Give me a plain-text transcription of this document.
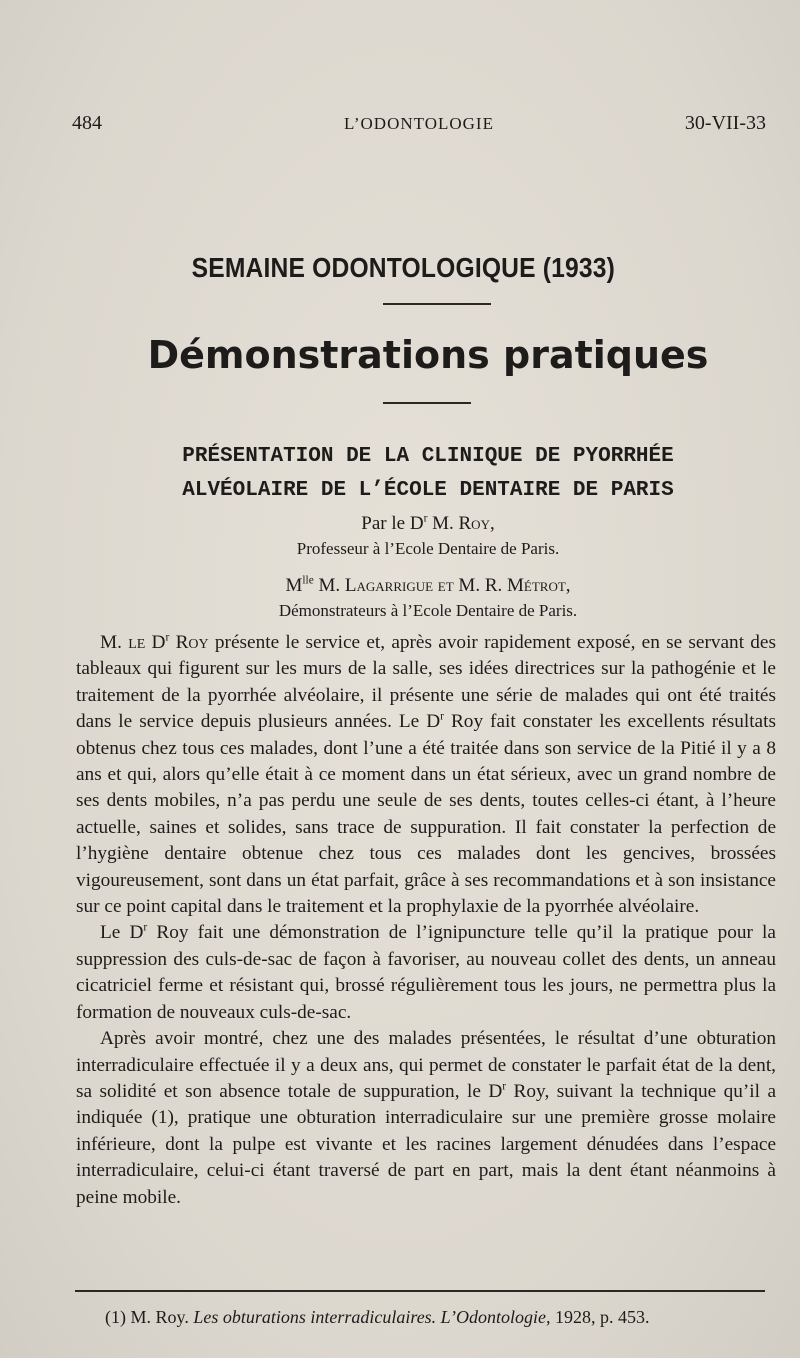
484	L’ODONTOLOGIE	30-VII-33
SEMAINE ODONTOLOGIQUE (1933)
Démonstrations pratiques
PRÉSENTATION DE LA CLINIQUE DE PYORRHÉE
ALVÉOLAIRE DE L’ÉCOLE DENTAIRE DE PARIS
Par le $D^r$ M. Roy,
Professeur à l’Ecole Dentaire de Paris.
$M^{lle}$ M. Lagarrigue et M. R. Métrot,
Démonstrateurs à l’Ecole Dentaire de Paris.

M. le $D^r$ Roy présente le service et, après avoir rapidement exposé, en se servant des tableaux qui figurent sur les murs de la salle, ses idées directrices sur la pathogénie et le traitement de la pyorrhée alvéolaire, il présente une série de malades qui ont été traités dans le service depuis plusieurs années. Le $D^r$ Roy fait constater les excellents résultats obtenus chez tous ces malades, dont l’une a été traitée dans son service de la Pitié il y a 8 ans et qui, alors qu’elle était à ce moment dans un état sérieux, avec un grand nombre de ses dents mobiles, n’a pas perdu une seule de ses dents, toutes celles-ci étant, à l’heure actuelle, saines et solides, sans trace de suppuration. Il fait constater la perfection de l’hygiène dentaire obtenue chez tous ces malades dont les gencives, brossées vigoureusement, sont dans un état parfait, grâce à ses recommandations et à son insistance sur ce point capital dans le traitement et la prophylaxie de la pyorrhée alvéolaire.

Le $D^r$ Roy fait une démonstration de l’ignipuncture telle qu’il la pratique pour la suppression des culs-de-sac de façon à favoriser, au nouveau collet des dents, un anneau cicatriciel ferme et résistant qui, brossé régulièrement tous les jours, ne permettra plus la formation de nouveaux culs-de-sac.

Après avoir montré, chez une des malades présentées, le résultat d’une obturation interradiculaire effectuée il y a deux ans, qui permet de constater le parfait état de la dent, sa solidité et son absence totale de suppuration, le $D^r$ Roy, suivant la technique qu’il a indiquée (1), pratique une obturation interradiculaire sur une première grosse molaire inférieure, dont la pulpe est vivante et les racines largement dénudées dans l’espace interradiculaire, celui-ci étant traversé de part en part, mais la dent étant néanmoins à peine mobile.

(1) M. Roy. Les obturations interradiculaires. L’Odontologie, 1928, p. 453.
